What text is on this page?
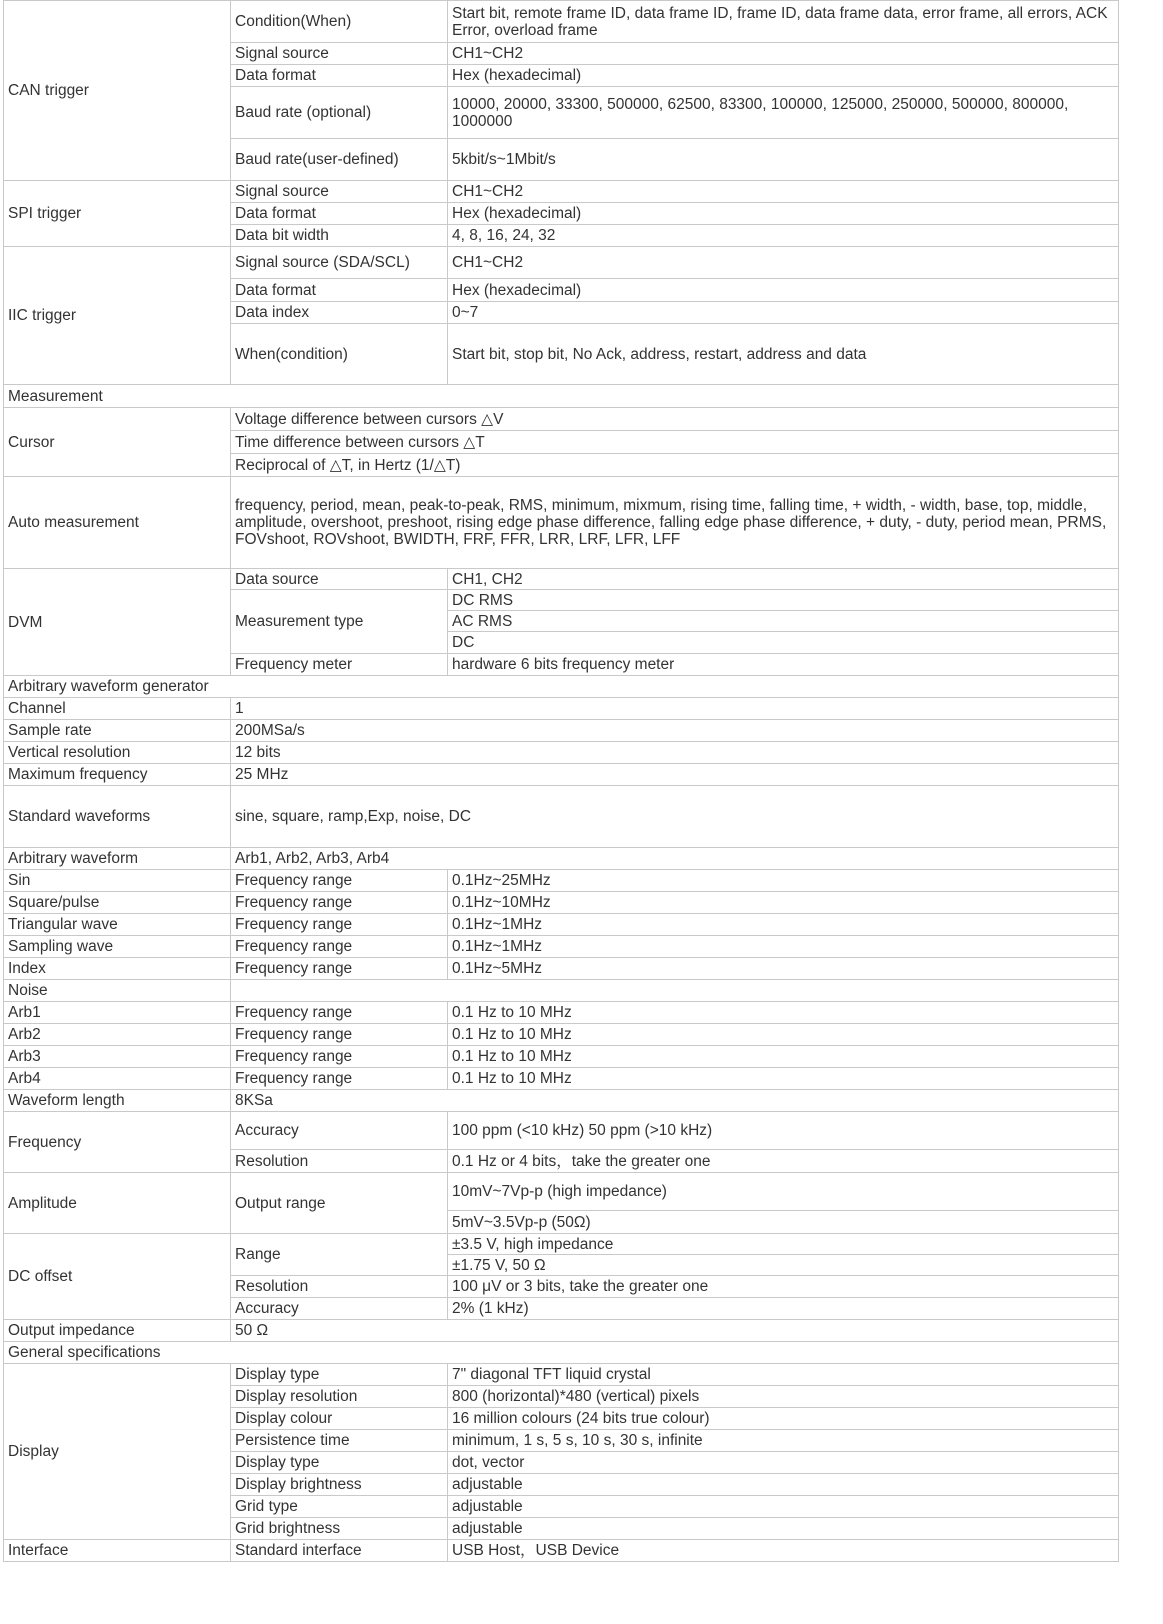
CAN trigger	Condition(When)	Start bit, remote frame ID, data frame ID, frame ID, data frame data, error frame, all errors, ACK Error, overload frame
	Signal source	CH1~CH2
	Data format	Hex (hexadecimal)
	Baud rate (optional)	10000, 20000, 33300, 500000, 62500, 83300, 100000, 125000, 250000, 500000, 800000, 1000000
	Baud rate(user-defined)	5kbit/s~1Mbit/s
SPI trigger	Signal source	CH1~CH2
	Data format	Hex (hexadecimal)
	Data bit width	4, 8, 16, 24, 32
IIC trigger	Signal source (SDA/SCL)	CH1~CH2
	Data format	Hex (hexadecimal)
	Data index	0~7
	When(condition)	Start bit, stop bit, No Ack, address, restart, address and data
Measurement		
Cursor	Voltage difference between cursors △V	
	Time difference between cursors △T	
	Reciprocal of △T, in Hertz (1/△T)	
Auto measurement	frequency, period, mean, peak-to-peak, RMS, minimum, mixmum, rising time, falling time, + width, - width, base, top, middle, amplitude, overshoot, preshoot, rising edge phase difference, falling edge phase difference, + duty, - duty, period mean, PRMS, FOVshoot, ROVshoot, BWIDTH, FRF, FFR, LRR, LRF, LFR, LFF	
DVM	Data source	CH1, CH2
	Measurement type	DC RMS
		AC RMS
		DC
	Frequency meter	hardware 6 bits frequency meter
Arbitrary waveform generator		
Channel	1	
Sample rate	200MSa/s	
Vertical resolution	12 bits	
Maximum frequency	25 MHz	
Standard waveforms	sine, square, ramp,Exp, noise, DC	
Arbitrary waveform	Arb1, Arb2, Arb3, Arb4	
Sin	Frequency range	0.1Hz~25MHz
Square/pulse	Frequency range	0.1Hz~10MHz
Triangular wave	Frequency range	0.1Hz~1MHz
Sampling wave	Frequency range	0.1Hz~1MHz
Index	Frequency range	0.1Hz~5MHz
Noise		
Arb1	Frequency range	0.1 Hz to 10 MHz
Arb2	Frequency range	0.1 Hz to 10 MHz
Arb3	Frequency range	0.1 Hz to 10 MHz
Arb4	Frequency range	0.1 Hz to 10 MHz
Waveform length	8KSa	
Frequency	Accuracy	100 ppm (<10 kHz) 50 ppm (>10 kHz)
	Resolution	0.1 Hz or 4 bits，take the greater one
Amplitude	Output range	10mV~7Vp-p (high impedance)
		5mV~3.5Vp-p (50Ω)
DC offset	Range	±3.5 V, high impedance
		±1.75 V, 50 Ω
	Resolution	100 μV or 3 bits, take the greater one
	Accuracy	2% (1 kHz)
Output impedance	50 Ω	
General specifications		
Display	Display type	7" diagonal TFT liquid crystal
	Display resolution	800 (horizontal)*480 (vertical) pixels
	Display colour	16 million colours (24 bits true colour)
	Persistence time	minimum, 1 s, 5 s, 10 s, 30 s, infinite
	Display type	dot, vector
	Display brightness	adjustable
	Grid type	adjustable
	Grid brightness	adjustable
Interface	Standard interface	USB Host，USB Device
